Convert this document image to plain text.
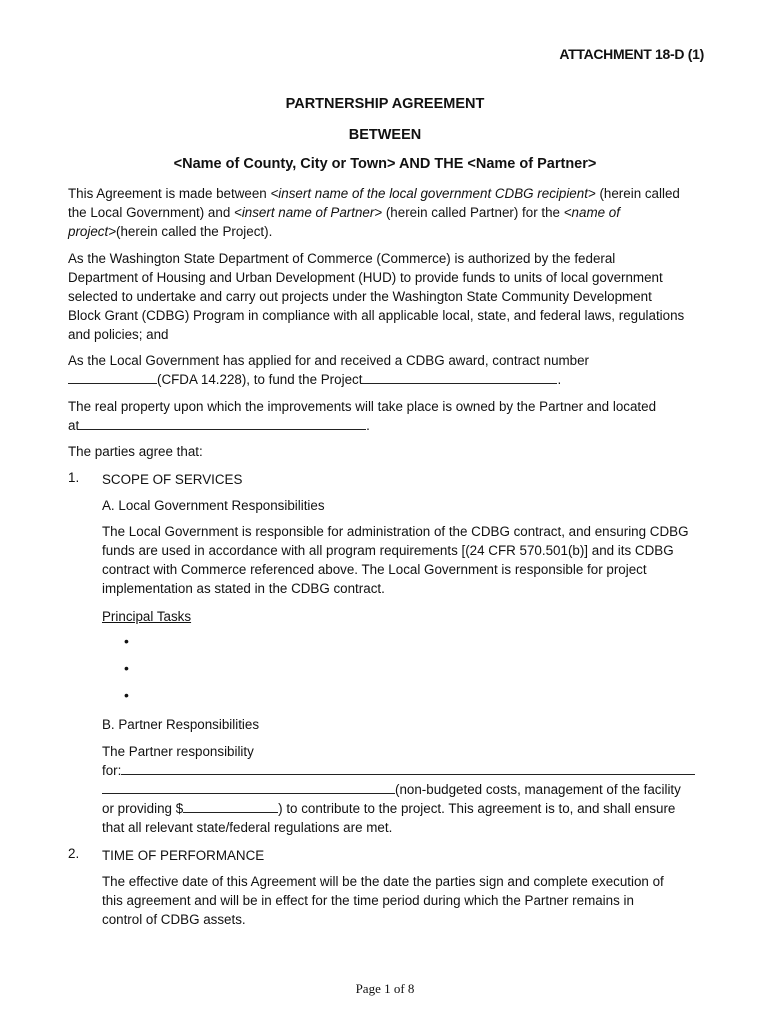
ATTACHMENT 18-D (1)
PARTNERSHIP AGREEMENT
BETWEEN
<Name of County, City or Town> AND THE <Name of Partner>
This Agreement is made between <insert name of the local government CDBG recipient> (herein called
the Local Government) and <insert name of Partner> (herein called Partner) for the <name of
project>(herein called the Project).
As the Washington State Department of Commerce (Commerce) is authorized by the federal
Department of Housing and Urban Development (HUD) to provide funds to units of local government
selected to undertake and carry out projects under the Washington State Community Development
Block Grant (CDBG) Program in compliance with all applicable local, state, and federal laws, regulations
and policies; and
As the Local Government has applied for and received a CDBG award, contract number
(CFDA 14.228), to fund the Project	.
The real property upon which the improvements will take place is owned by the Partner and located
at	.
The parties agree that:
1. SCOPE OF SERVICES
A. Local Government Responsibilities
The Local Government is responsible for administration of the CDBG contract, and ensuring CDBG
funds are used in accordance with all program requirements [(24 CFR 570.501(b)] and its CDBG
contract with Commerce referenced above. The Local Government is responsible for project
implementation as stated in the CDBG contract.
Principal Tasks
•
•
•
B. Partner Responsibilities
The Partner responsibility
for:
(non-budgeted costs, management of the facility
or providing $	) to contribute to the project. This agreement is to, and shall ensure
that all relevant state/federal regulations are met.
2. TIME OF PERFORMANCE
The effective date of this Agreement will be the date the parties sign and complete execution of
this agreement and will be in effect for the time period during which the Partner remains in
control of CDBG assets.
Page 1 of 8
